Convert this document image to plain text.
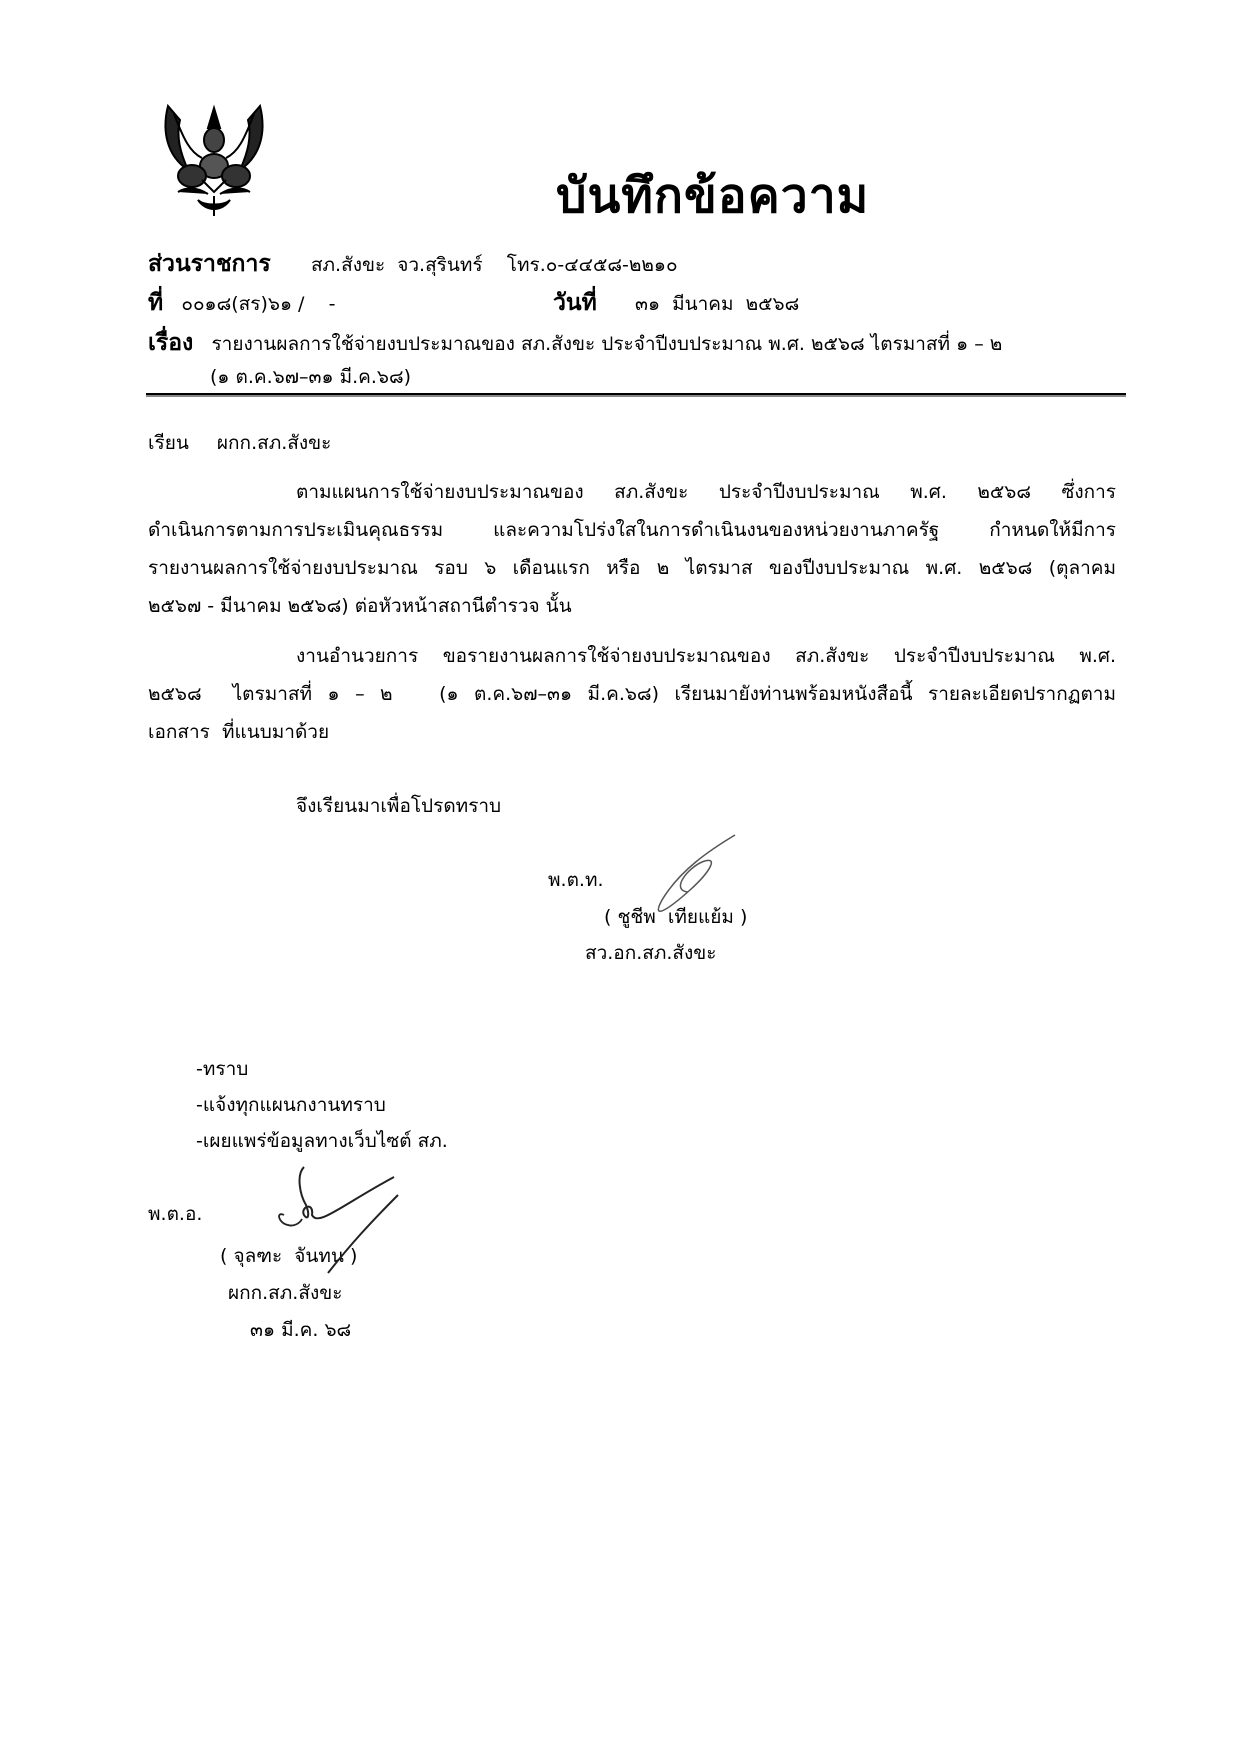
บันทึกข้อความ
ส่วนราชการ สภ.สังขะ  จว.สุรินทร์    โทร.๐-๔๔๕๘-๒๒๑๐
ที่ ๐๐๑๘(สร)๖๑ /    -	วันที่ ๓๑  มีนาคม  ๒๕๖๘
เรื่อง รายงานผลการใช้จ่ายงบประมาณของ สภ.สังขะ ประจำปีงบประมาณ พ.ศ. ๒๕๖๘ ไตรมาสที่ ๑ – ๒
(๑ ต.ค.๖๗–๓๑ มี.ค.๖๘)
เรียน ผกก.สภ.สังขะ
ตามแผนการใช้จ่ายงบประมาณของ สภ.สังขะ ประจำปีงบประมาณ พ.ศ. ๒๕๖๘ ซึ่งการ
ดำเนินการตามการประเมินคุณธรรม และความโปร่งใสในการดำเนินงนของหน่วยงานภาครัฐ กำหนดให้มีการ
รายงานผลการใช้จ่ายงบประมาณ รอบ ๖ เดือนแรก หรือ ๒ ไตรมาส ของปีงบประมาณ พ.ศ. ๒๕๖๘ (ตุลาคม
๒๕๖๗ - มีนาคม ๒๕๖๘) ต่อหัวหน้าสถานีตำรวจ นั้น
งานอำนวยการ ขอรายงานผลการใช้จ่ายงบประมาณของ สภ.สังขะ ประจำปีงบประมาณ พ.ศ.
๒๕๖๘  ไตรมาสที่ ๑ – ๒   (๑ ต.ค.๖๗–๓๑ มี.ค.๖๘) เรียนมายังท่านพร้อมหนังสือนี้ รายละเอียดปรากฏตาม
เอกสาร  ที่แนบมาด้วย
จึงเรียนมาเพื่อโปรดทราบ
พ.ต.ท.
( ชูชีพ  เทียแย้ม )
สว.อก.สภ.สังขะ
-ทราบ
-แจ้งทุกแผนกงานทราบ
-เผยแพร่ข้อมูลทางเว็บไซต์ สภ.
พ.ต.อ.
( จุลฑะ  จันทน )
ผกก.สภ.สังขะ
๓๑ มี.ค. ๖๘
